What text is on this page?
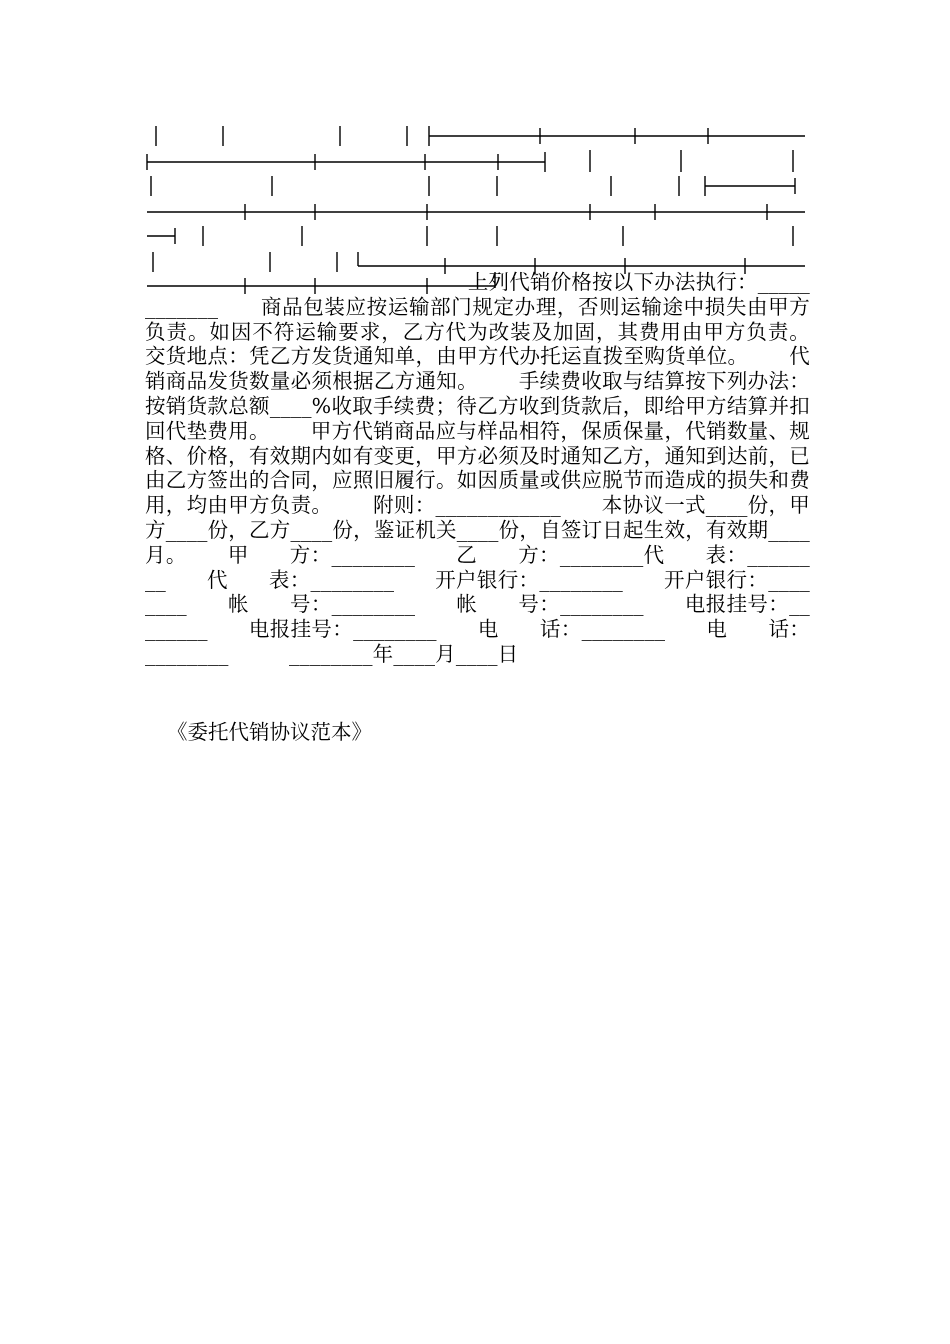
上列代销价格按以下办法执行：____________      商品包装应按运输部门规定办理，否则运输途中损失由甲方负责。如因不符运输要求，乙方代为改装及加固，其费用由甲方负责。      交货地点：凭乙方发货通知单，由甲方代办托运直拨至购货单位。      代销商品发货数量必须根据乙方通知。      手续费收取与结算按下列办法：按销货款总额____%收取手续费；待乙方收到货款后，即给甲方结算并扣回代垫费用。      甲方代销商品应与样品相符，保质保量，代销数量、规格、价格，有效期内如有变更，甲方必须及时通知乙方，通知到达前，已由乙方签出的合同，应照旧履行。如因质量或供应脱节而造成的损失和费用，均由甲方负责。      附则：____________      本协议一式____份，甲方____份，乙方____份，鉴证机关____份，自签订日起生效，有效期____月。      甲      方：________      乙      方：________代      表：________      代      表：________      开户银行：________      开户银行：________      帐      号：________      帐      号：________      电报挂号：________      电报挂号：________      电      话：________      电      话：________         ________年____月____日
《委托代销协议范本》
